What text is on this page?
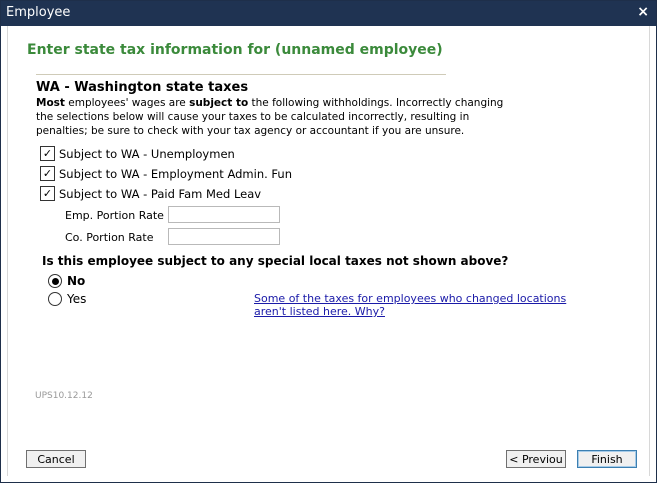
Employee	×
Enter state tax information for (unnamed employee)
WA - Washington state taxes
Most employees' wages are subject to the following withholdings. Incorrectly changing the selections below will cause your taxes to be calculated incorrectly, resulting in penalties; be sure to check with your tax agency or accountant if you are unsure.
✓ Subject to WA - Unemploymen
✓ Subject to WA - Employment Admin. Fun
✓ Subject to WA - Paid Fam Med Leav
Emp. Portion Rate
Co. Portion Rate
Is this employee subject to any special local taxes not shown above?
No
Yes	Some of the taxes for employees who changed locations aren't listed here. Why?
UPS10.12.12
Cancel	< Previou	Finish
